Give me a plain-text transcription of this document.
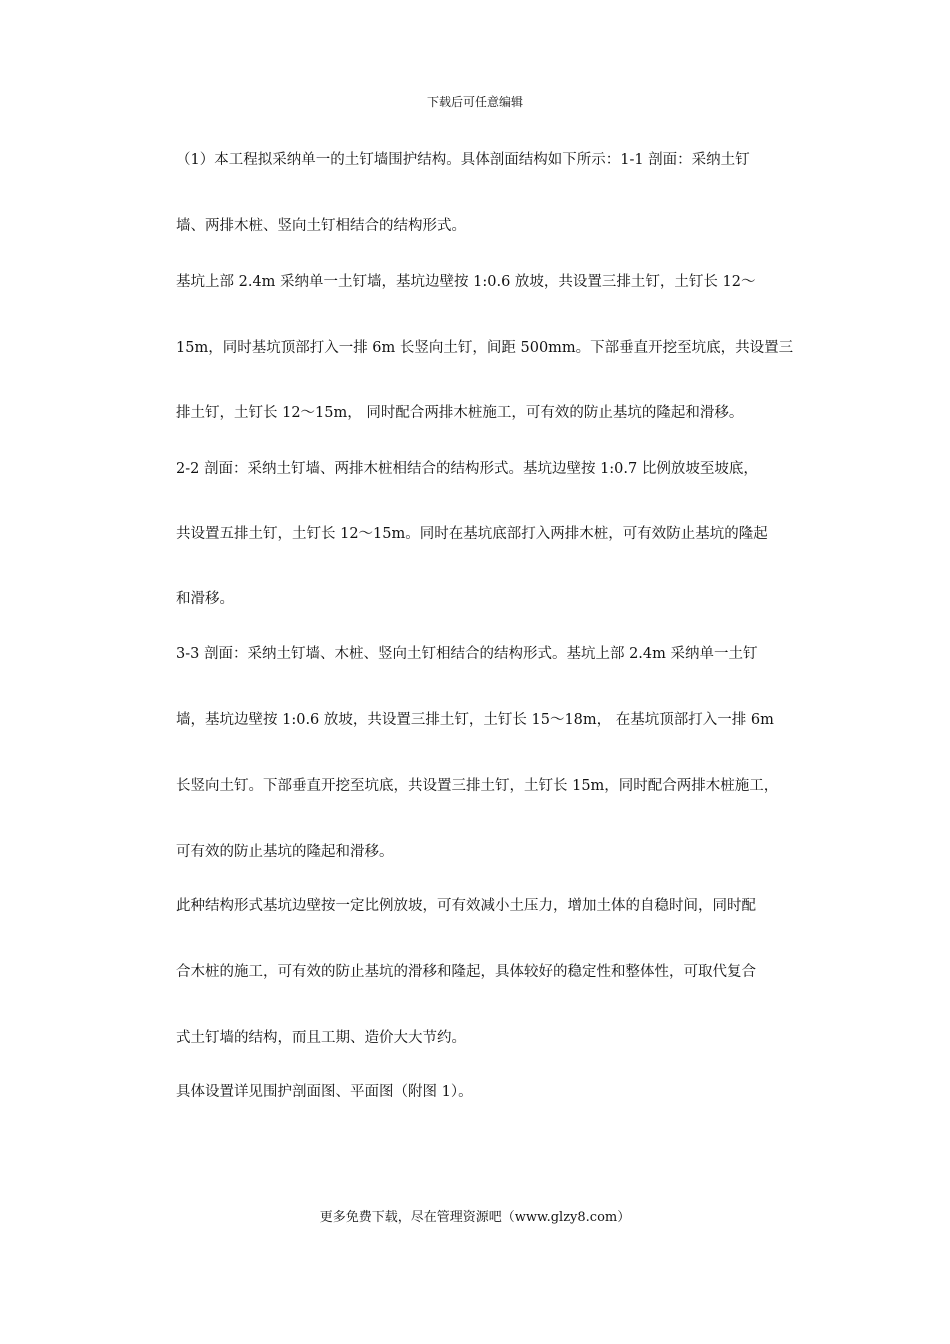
下载后可任意编辑
（1）本工程拟采纳单一的土钉墙围护结构。具体剖面结构如下所示：1-1 剖面：采纳土钉
墙、两排木桩、竖向土钉相结合的结构形式。
基坑上部 2.4m 采纳单一土钉墙，基坑边壁按 1:0.6 放坡，共设置三排土钉，土钉长 12～
15m，同时基坑顶部打入一排 6m 长竖向土钉，间距 500mm。下部垂直开挖至坑底，共设置三
排土钉，土钉长 12～15m， 同时配合两排木桩施工，可有效的防止基坑的隆起和滑移。
2-2 剖面：采纳土钉墙、两排木桩相结合的结构形式。基坑边壁按 1:0.7 比例放坡至坡底，
共设置五排土钉，土钉长 12～15m。同时在基坑底部打入两排木桩，可有效防止基坑的隆起
和滑移。
3-3 剖面：采纳土钉墙、木桩、竖向土钉相结合的结构形式。基坑上部 2.4m 采纳单一土钉
墙，基坑边壁按 1:0.6 放坡，共设置三排土钉，土钉长 15～18m， 在基坑顶部打入一排 6m
长竖向土钉。下部垂直开挖至坑底，共设置三排土钉，土钉长 15m，同时配合两排木桩施工，
可有效的防止基坑的隆起和滑移。
此种结构形式基坑边壁按一定比例放坡，可有效减小土压力，增加土体的自稳时间，同时配
合木桩的施工，可有效的防止基坑的滑移和隆起，具体较好的稳定性和整体性，可取代复合
式土钉墙的结构，而且工期、造价大大节约。
具体设置详见围护剖面图、平面图（附图 1）。
更多免费下载，尽在管理资源吧（www.glzy8.com）
